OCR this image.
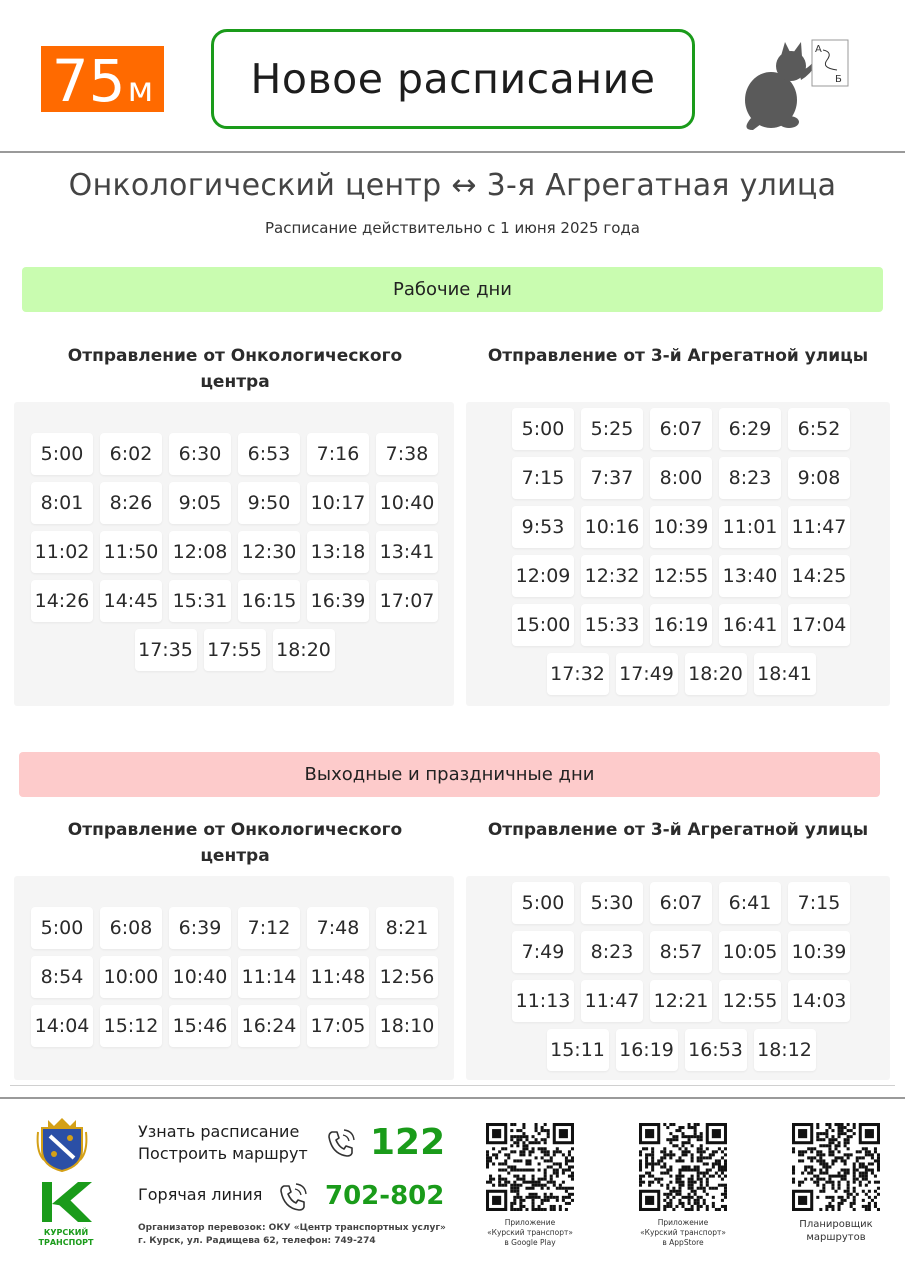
75 м	Новое расписание
А
Б
Онкологический центр ↔ 3-я Агрегатная улица
Расписание действительно с 1 июня 2025 года
Рабочие дни
Отправление от Онкологического
центра
Отправление от 3-й Агрегатной улицы
5:00	6:02	6:30	6:53	7:16	7:38
8:01	8:26	9:05	9:50	10:17 10:40
11:02 11:50 12:08 12:30 13:18 13:41
14:26 14:45 15:31 16:15 16:39 17:07
17:35 17:55 18:20
5:00	5:25	6:07	6:29	6:52
7:15	7:37	8:00	8:23	9:08
9:53	10:16 10:39 11:01 11:47
12:09 12:32 12:55 13:40 14:25
15:00 15:33 16:19 16:41 17:04
17:32 17:49 18:20 18:41
Выходные и праздничные дни
Отправление от Онкологического
центра
Отправление от 3-й Агрегатной улицы
5:00	6:08	6:39	7:12	7:48	8:21
8:54	10:00 10:40 11:14 11:48 12:56
14:04 15:12 15:46 16:24 17:05 18:10
5:00	5:30	6:07	6:41	7:15
7:49	8:23	8:57	10:05 10:39
11:13 11:47 12:21 12:55 14:03
15:11 16:19 16:53 18:12
КУРСКИЙ
ТРАНСПОРТ
Узнать расписание
Построить маршрут 122
Горячая линия 702-802
Организатор перевозок: ОКУ «Центр транспортных услуг»
г. Курск, ул. Радищева 62, телефон: 749-274
Приложение
«Курский транспорт»
в Google Play
Приложение
«Курский транспорт»
в AppStore
Планировщик
маршрутов
